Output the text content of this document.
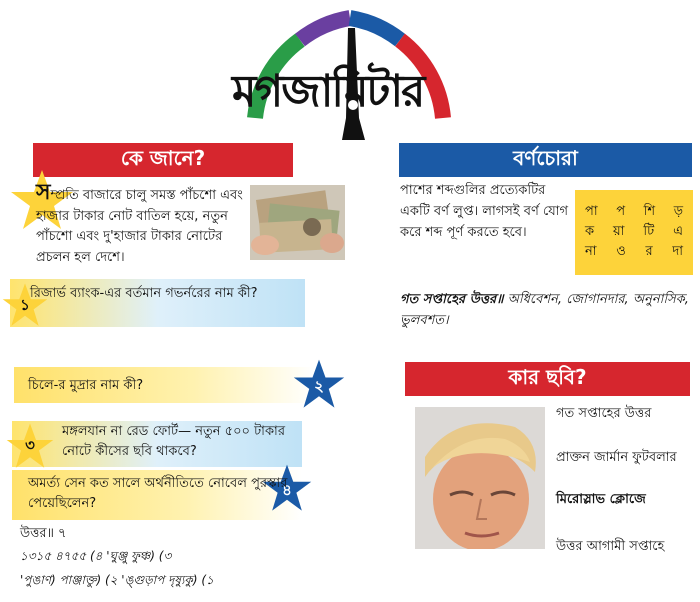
মগজামিটার
কে জানে?
সম্প্রতি বাজারে চালু সমস্ত পাঁচশো এবং হাজার টাকার নোট বাতিল হয়ে, নতুন পাঁচশো এবং দু'হাজার টাকার নোটের প্রচলন হল দেশে।
১
রিজার্ভ ব্যাংক-এর বর্তমান গভর্নরের নাম কী?
২
চিলে-র মুদ্রার নাম কী?
৩
মঙ্গলযান না রেড ফোর্ট— নতুন ৫০০ টাকার নোটে কীসের ছবি থাকবে?
৪
অমর্ত্য সেন কত সালে অর্থনীতিতে নোবেল পুরস্কার পেয়েছিলেন?
উত্তর॥ ৭
১৩১৫ ৪৭৫৫ (৪ 'ঘুঞ্জু ফুঞ্চ) (৩
'পুঙাণ) পাঞ্জাক্তু) (২ 'ঙ্গুড়াপ দৃষ্যুকু) (১
বর্ণচোরা
পাশের শব্দগুলির প্রত্যেকটির একটি বর্ণ লুপ্ত। লাগসই বর্ণ যোগ করে শব্দ পূর্ণ করতে হবে।
পা প শি ড়
ক য়া টি এ
না ও র দা
গত সপ্তাহের উত্তর॥ অধিবেশন, জোগানদার, অনুনাসিক, ভুলবশত।
কার ছবি?
গত সপ্তাহের উত্তর
প্রাক্তন জার্মান ফুটবলার
মিরোস্লাভ ক্লোজে
উত্তর আগামী সপ্তাহে
